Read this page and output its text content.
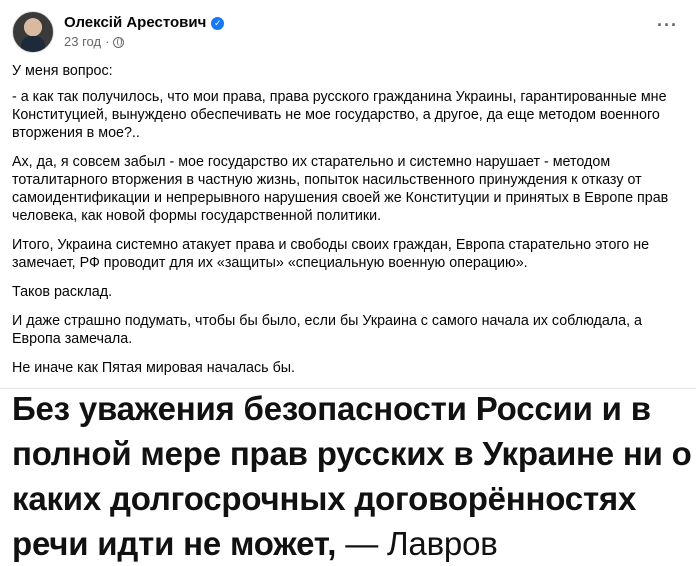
Олексій Арестович ✓
23 год ·
···

У меня вопрос:

- а как так получилось, что мои права, права русского гражданина Украины, гарантированные мне Конституцией, вынуждено обеспечивать не мое государство, а другое, да еще методом военного вторжения в мое?..

Ах, да, я совсем забыл - мое государство их старательно и системно нарушает - методом тоталитарного вторжения в частную жизнь, попыток насильственного принуждения к отказу от самоидентификации и непрерывного нарушения своей же Конституции и принятых в Европе прав человека, как новой формы государственной политики.

Итого, Украина системно атакует права и свободы своих граждан, Европа старательно этого не замечает, РФ проводит для их «защиты» «специальную военную операцию».

Таков расклад.

И даже страшно подумать, чтобы бы было, если бы Украина с самого начала их соблюдала, а Европа замечала.

Не иначе как Пятая мировая началась бы.

Без уважения безопасности России и в полной мере прав русских в Украине ни о каких долгосрочных договорённостях речи идти не может, — Лавров
